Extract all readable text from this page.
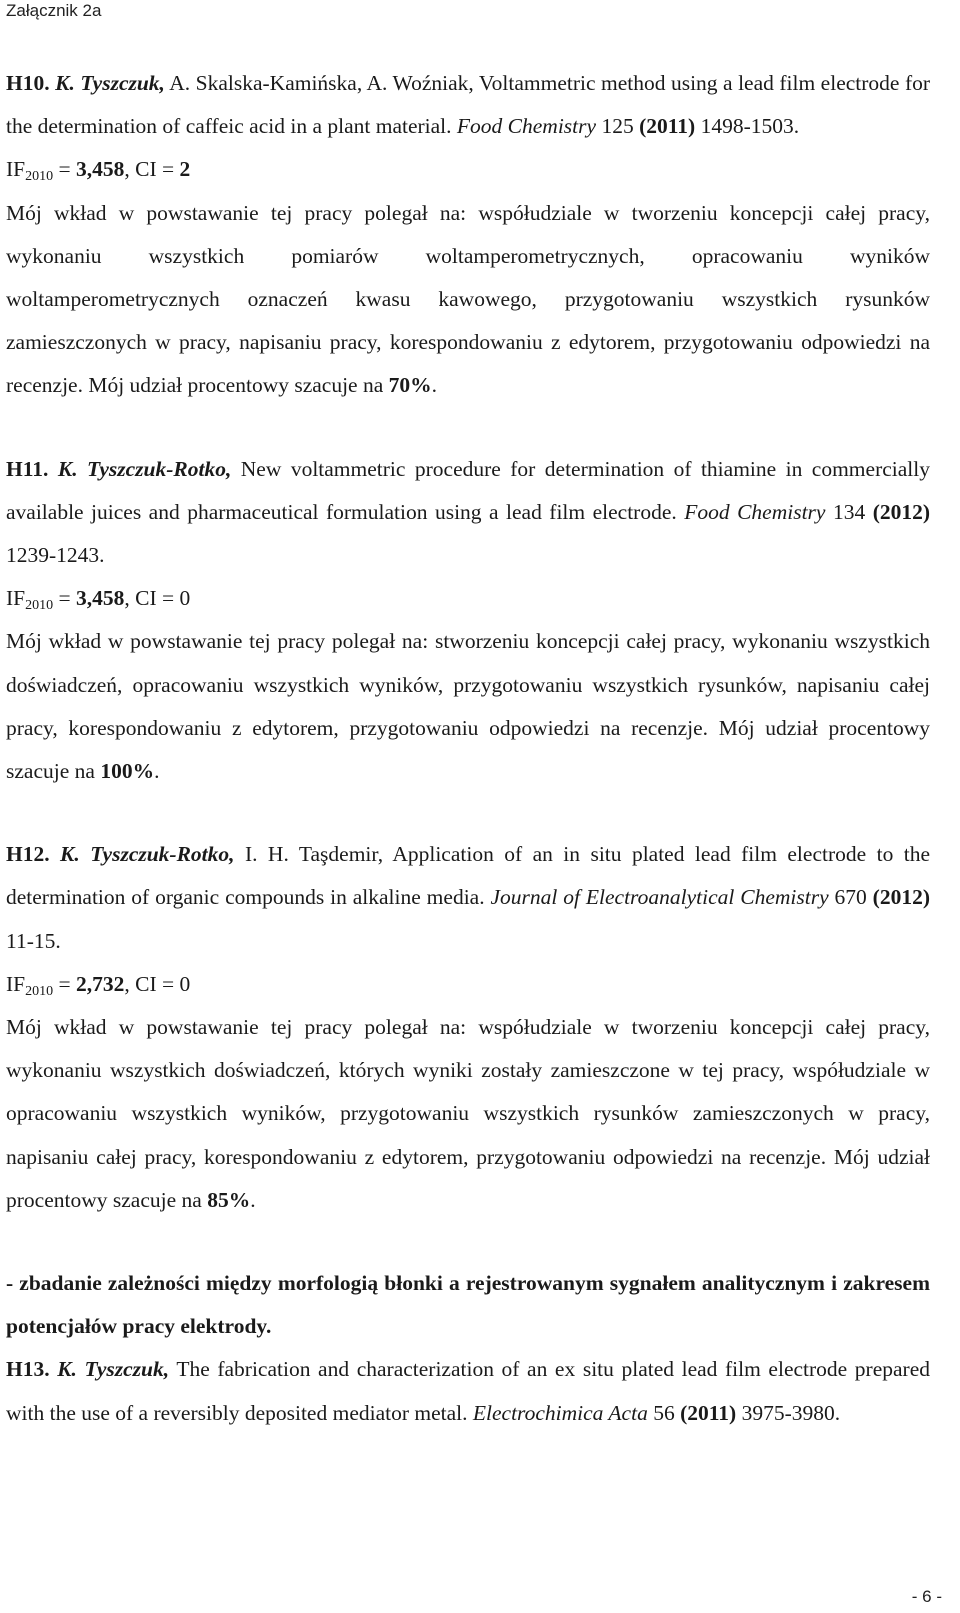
Załącznik 2a

H10. K. Tyszczuk, A. Skalska-Kamińska, A. Woźniak, Voltammetric method using a lead film electrode for the determination of caffeic acid in a plant material. Food Chemistry 125 (2011) 1498-1503.

$IF_{2010} = 3,458$, CI = 2

Mój wkład w powstawanie tej pracy polegał na: współudziale w tworzeniu koncepcji całej pracy, wykonaniu wszystkich pomiarów woltamperometrycznych, opracowaniu wyników woltamperometrycznych oznaczeń kwasu kawowego, przygotowaniu wszystkich rysunków zamieszczonych w pracy, napisaniu pracy, korespondowaniu z edytorem, przygotowaniu odpowiedzi na recenzje. Mój udział procentowy szacuje na 70%.

H11. K. Tyszczuk-Rotko, New voltammetric procedure for determination of thiamine in commercially available juices and pharmaceutical formulation using a lead film electrode. Food Chemistry 134 (2012) 1239-1243.

$IF_{2010} = 3,458$, CI = 0

Mój wkład w powstawanie tej pracy polegał na: stworzeniu koncepcji całej pracy, wykonaniu wszystkich doświadczeń, opracowaniu wszystkich wyników, przygotowaniu wszystkich rysunków, napisaniu całej pracy, korespondowaniu z edytorem, przygotowaniu odpowiedzi na recenzje. Mój udział procentowy szacuje na 100%.

H12. K. Tyszczuk-Rotko, I. H. Taşdemir, Application of an in situ plated lead film electrode to the determination of organic compounds in alkaline media. Journal of Electroanalytical Chemistry 670 (2012) 11-15.

$IF_{2010} = 2,732$, CI = 0

Mój wkład w powstawanie tej pracy polegał na: współudziale w tworzeniu koncepcji całej pracy, wykonaniu wszystkich doświadczeń, których wyniki zostały zamieszczone w tej pracy, współudziale w opracowaniu wszystkich wyników, przygotowaniu wszystkich rysunków zamieszczonych w pracy, napisaniu całej pracy, korespondowaniu z edytorem, przygotowaniu odpowiedzi na recenzje. Mój udział procentowy szacuje na 85%.

- zbadanie zależności między morfologią błonki a rejestrowanym sygnałem analitycznym i zakresem potencjałów pracy elektrody.

H13. K. Tyszczuk, The fabrication and characterization of an ex situ plated lead film electrode prepared with the use of a reversibly deposited mediator metal. Electrochimica Acta 56 (2011) 3975-3980.

- 6 -
